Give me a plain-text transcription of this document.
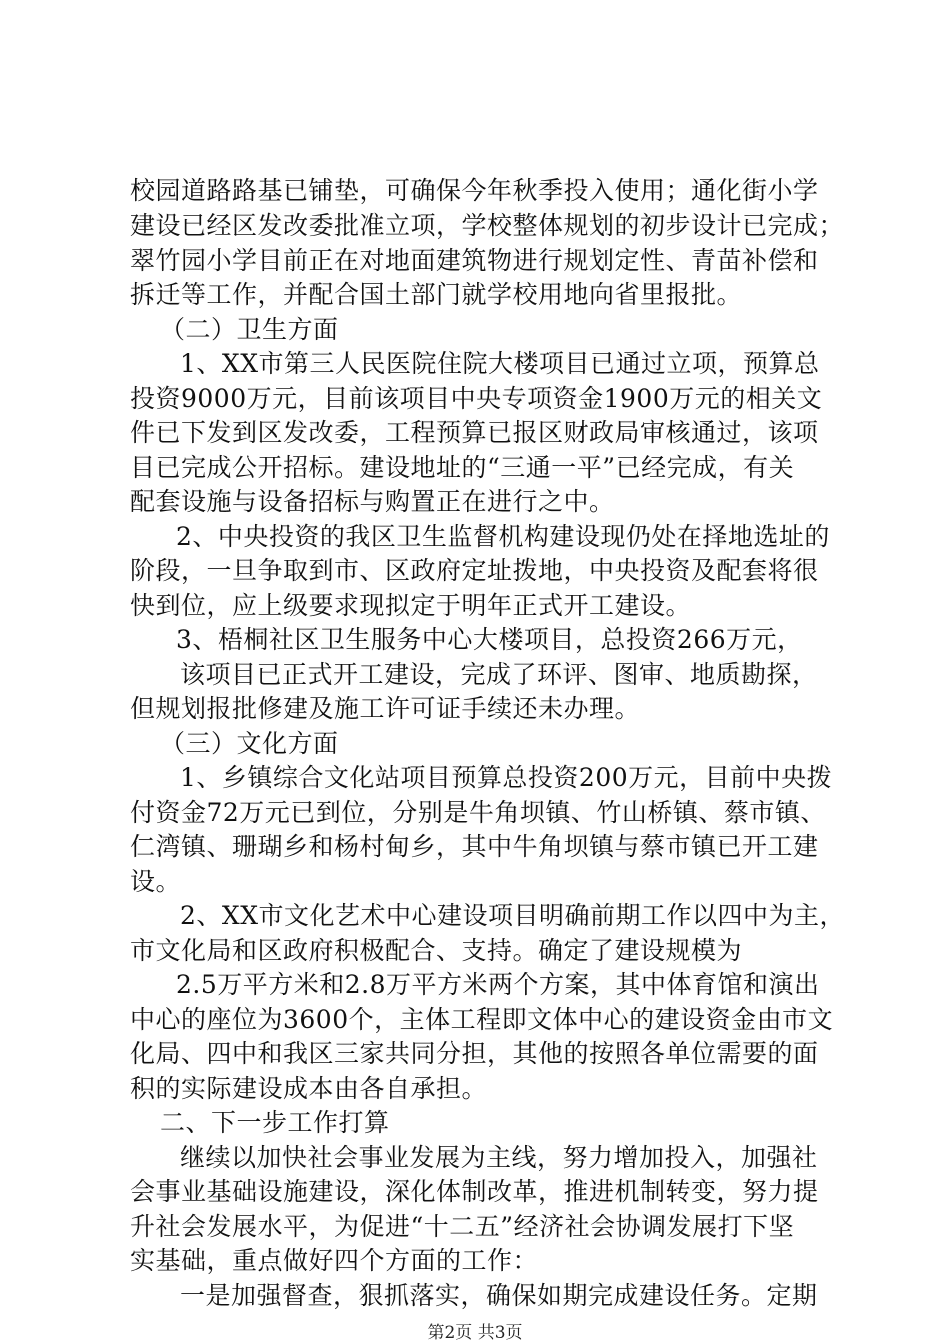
校园道路路基已铺垫，可确保今年秋季投入使用；通化街小学
建设已经区发改委批准立项，学校整体规划的初步设计已完成；
翠竹园小学目前正在对地面建筑物进行规划定性、青苗补偿和
拆迁等工作，并配合国土部门就学校用地向省里报批。
（二）卫生方面
1、XX市第三人民医院住院大楼项目已通过立项，预算总
投资9000万元，目前该项目中央专项资金1900万元的相关文
件已下发到区发改委，工程预算已报区财政局审核通过，该项
目已完成公开招标。建设地址的“三通一平”已经完成，有关
配套设施与设备招标与购置正在进行之中。
2、中央投资的我区卫生监督机构建设现仍处在择地选址的
阶段，一旦争取到市、区政府定址拨地，中央投资及配套将很
快到位，应上级要求现拟定于明年正式开工建设。
3、梧桐社区卫生服务中心大楼项目，总投资266万元，
该项目已正式开工建设，完成了环评、图审、地质勘探，
但规划报批修建及施工许可证手续还未办理。
（三）文化方面
1、乡镇综合文化站项目预算总投资200万元，目前中央拨
付资金72万元已到位，分别是牛角坝镇、竹山桥镇、蔡市镇、
仁湾镇、珊瑚乡和杨村甸乡，其中牛角坝镇与蔡市镇已开工建
设。
2、XX市文化艺术中心建设项目明确前期工作以四中为主，
市文化局和区政府积极配合、支持。确定了建设规模为
2.5万平方米和2.8万平方米两个方案，其中体育馆和演出
中心的座位为3600个，主体工程即文体中心的建设资金由市文
化局、四中和我区三家共同分担，其他的按照各单位需要的面
积的实际建设成本由各自承担。
二、下一步工作打算
继续以加快社会事业发展为主线，努力增加投入，加强社
会事业基础设施建设，深化体制改革，推进机制转变，努力提
升社会发展水平，为促进“十二五”经济社会协调发展打下坚
实基础，重点做好四个方面的工作：
一是加强督查，狠抓落实，确保如期完成建设任务。定期
第2页 共3页
